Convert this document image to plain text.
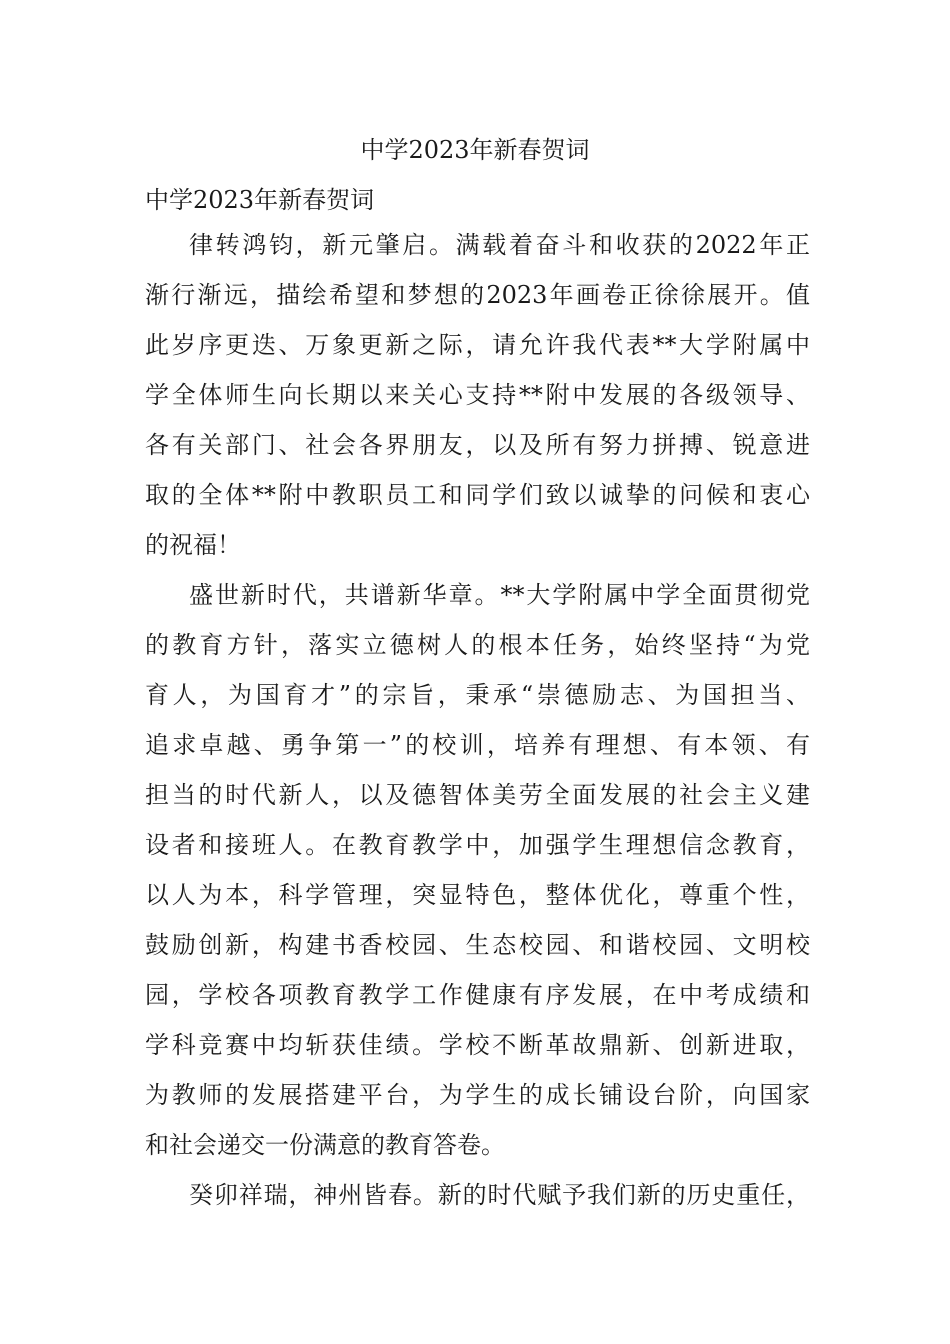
中学2023年新春贺词

中学2023年新春贺词

律转鸿钧，新元肇启。满载着奋斗和收获的2022年正
渐行渐远，描绘希望和梦想的2023年画卷正徐徐展开。值
此岁序更迭、万象更新之际，请允许我代表**大学附属中
学全体师生向长期以来关心支持**附中发展的各级领导、
各有关部门、社会各界朋友，以及所有努力拼搏、锐意进
取的全体**附中教职员工和同学们致以诚挚的问候和衷心
的祝福！

盛世新时代，共谱新华章。**大学附属中学全面贯彻党
的教育方针，落实立德树人的根本任务，始终坚持“为党
育人，为国育才”的宗旨，秉承“崇德励志、为国担当、
追求卓越、勇争第一”的校训，培养有理想、有本领、有
担当的时代新人，以及德智体美劳全面发展的社会主义建
设者和接班人。在教育教学中，加强学生理想信念教育，
以人为本，科学管理，突显特色，整体优化，尊重个性，
鼓励创新，构建书香校园、生态校园、和谐校园、文明校
园，学校各项教育教学工作健康有序发展，在中考成绩和
学科竞赛中均斩获佳绩。学校不断革故鼎新、创新进取，
为教师的发展搭建平台，为学生的成长铺设台阶，向国家
和社会递交一份满意的教育答卷。

癸卯祥瑞，神州皆春。新的时代赋予我们新的历史重任，
